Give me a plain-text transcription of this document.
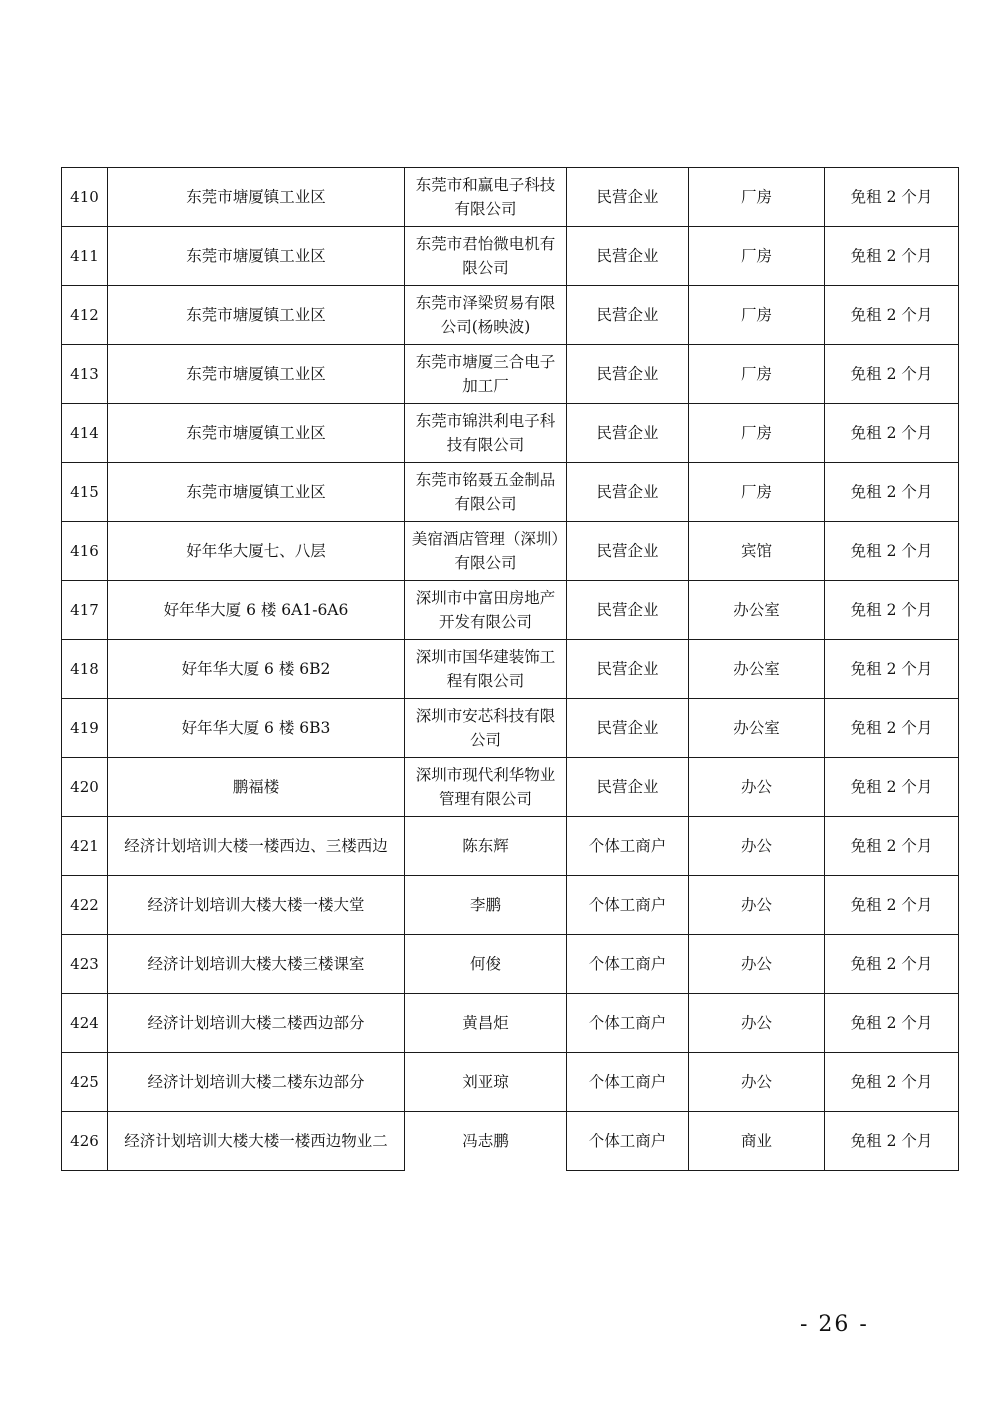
410	东莞市塘厦镇工业区	东莞市和赢电子科技有限公司	民营企业	厂房	免租 2 个月
411	东莞市塘厦镇工业区	东莞市君怡微电机有限公司	民营企业	厂房	免租 2 个月
412	东莞市塘厦镇工业区	东莞市泽梁贸易有限公司(杨映波)	民营企业	厂房	免租 2 个月
413	东莞市塘厦镇工业区	东莞市塘厦三合电子加工厂	民营企业	厂房	免租 2 个月
414	东莞市塘厦镇工业区	东莞市锦洪利电子科技有限公司	民营企业	厂房	免租 2 个月
415	东莞市塘厦镇工业区	东莞市铭聂五金制品有限公司	民营企业	厂房	免租 2 个月
416	好年华大厦七、八层	美宿酒店管理（深圳）有限公司	民营企业	宾馆	免租 2 个月
417	好年华大厦 6 楼 6A1-6A6	深圳市中富田房地产开发有限公司	民营企业	办公室	免租 2 个月
418	好年华大厦 6 楼 6B2	深圳市国华建装饰工程有限公司	民营企业	办公室	免租 2 个月
419	好年华大厦 6 楼 6B3	深圳市安芯科技有限公司	民营企业	办公室	免租 2 个月
420	鹏福楼	深圳市现代利华物业管理有限公司	民营企业	办公	免租 2 个月
421	经济计划培训大楼一楼西边、三楼西边	陈东辉	个体工商户	办公	免租 2 个月
422	经济计划培训大楼大楼一楼大堂	李鹏	个体工商户	办公	免租 2 个月
423	经济计划培训大楼大楼三楼课室	何俊	个体工商户	办公	免租 2 个月
424	经济计划培训大楼二楼西边部分	黄昌炬	个体工商户	办公	免租 2 个月
425	经济计划培训大楼二楼东边部分	刘亚琼	个体工商户	办公	免租 2 个月
426	经济计划培训大楼大楼一楼西边物业二	冯志鹏	个体工商户	商业	免租 2 个月
- 26 -
